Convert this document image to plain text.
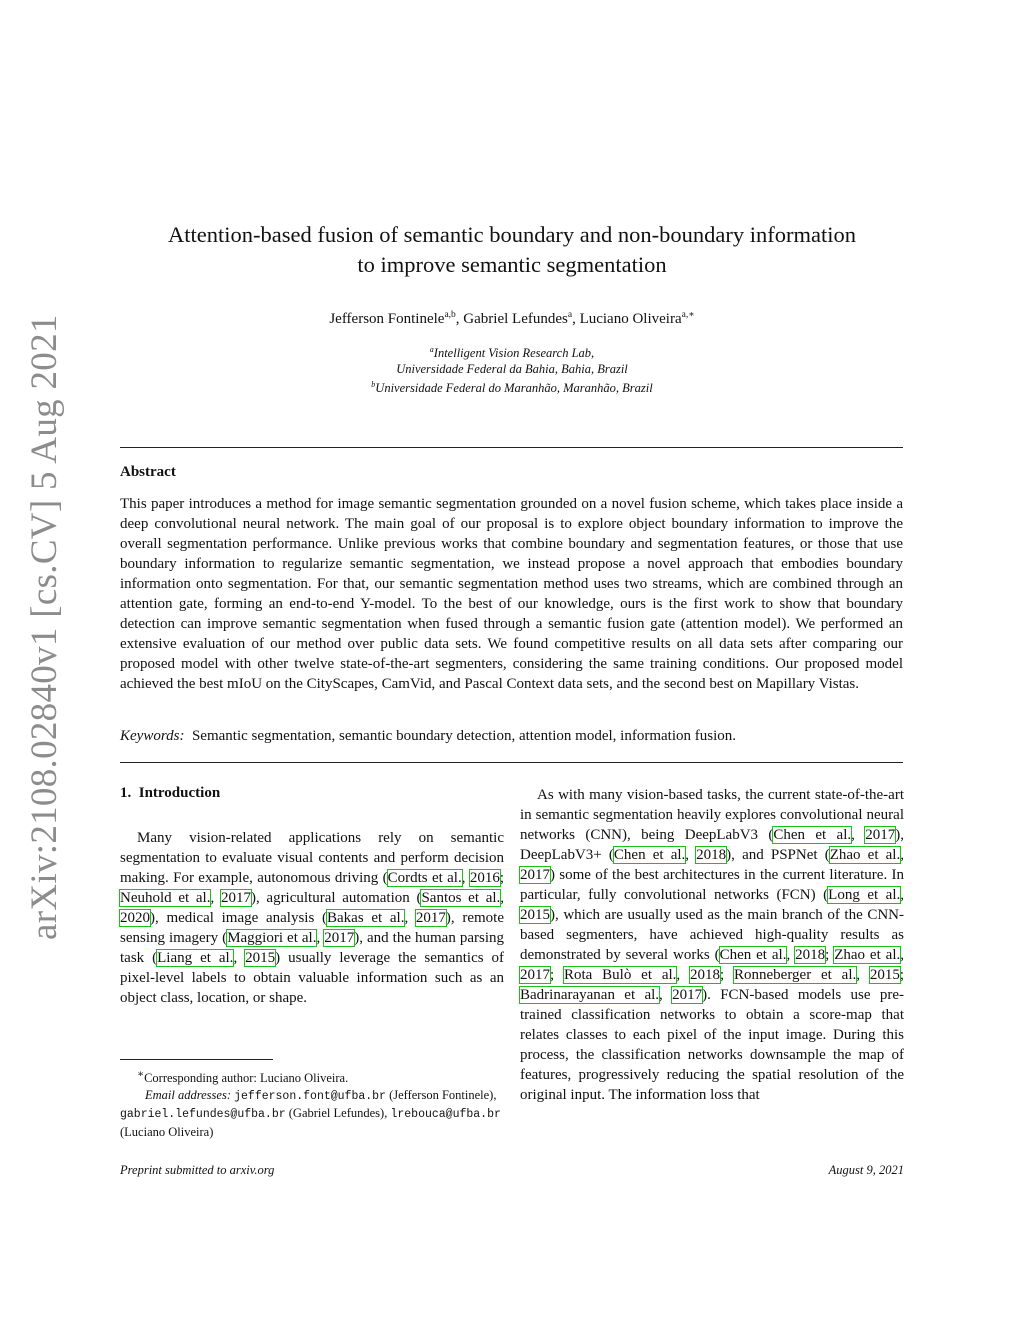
arXiv:2108.02840v1 [cs.CV] 5 Aug 2021
Attention-based fusion of semantic boundary and non-boundary information
to improve semantic segmentation
Jefferson Fontinele$^{a,b}$, Gabriel Lefundes$^a$, Luciano Oliveira$^{a,∗}$
$^a$Intelligent Vision Research Lab,
Universidade Federal da Bahia, Bahia, Brazil
$^b$Universidade Federal do Maranhão, Maranhão, Brazil
Abstract
This paper introduces a method for image semantic segmentation grounded on a novel fusion scheme, which takes place inside a deep convolutional neural network. The main goal of our proposal is to explore object boundary information to improve the overall segmentation performance. Unlike previous works that combine boundary and segmentation features, or those that use boundary information to regularize semantic segmentation, we instead propose a novel approach that embodies boundary information onto segmentation. For that, our semantic segmentation method uses two streams, which are combined through an attention gate, forming an end-to-end Y-model. To the best of our knowledge, ours is the first work to show that boundary detection can improve semantic segmentation when fused through a semantic fusion gate (attention model). We performed an extensive evaluation of our method over public data sets. We found competitive results on all data sets after comparing our proposed model with other twelve state-of-the-art segmenters, considering the same training conditions. Our proposed model achieved the best mIoU on the CityScapes, CamVid, and Pascal Context data sets, and the second best on Mapillary Vistas.
Keywords: Semantic segmentation, semantic boundary detection, attention model, information fusion.
1. Introduction
Many vision-related applications rely on semantic segmentation to evaluate visual contents and perform decision making. For example, autonomous driving (Cordts et al., 2016; Neuhold et al., 2017), agricultural automation (Santos et al., 2020), medical image analysis (Bakas et al., 2017), remote sensing imagery (Maggiori et al., 2017), and the human parsing task (Liang et al., 2015) usually leverage the semantics of pixel-level labels to obtain valuable information such as an object class, location, or shape.
As with many vision-based tasks, the current state-of-the-art in semantic segmentation heavily explores convolutional neural networks (CNN), being DeepLabV3 (Chen et al., 2017), DeepLabV3+ (Chen et al., 2018), and PSPNet (Zhao et al., 2017) some of the best architectures in the current literature. In particular, fully convolutional networks (FCN) (Long et al., 2015), which are usually used as the main branch of the CNN-based segmenters, have achieved high-quality results as demonstrated by several works (Chen et al., 2018; Zhao et al., 2017; Rota Bulò et al., 2018; Ronneberger et al., 2015; Badrinarayanan et al., 2017). FCN-based models use pre-trained classification networks to obtain a score-map that relates classes to each pixel of the input image. During this process, the classification networks downsample the map of features, progressively reducing the spatial resolution of the original input. The information loss that
∗Corresponding author: Luciano Oliveira.
Email addresses: jefferson.font@ufba.br (Jefferson Fontinele), gabriel.lefundes@ufba.br (Gabriel Lefundes), lrebouca@ufba.br (Luciano Oliveira)
Preprint submitted to arxiv.org	August 9, 2021
